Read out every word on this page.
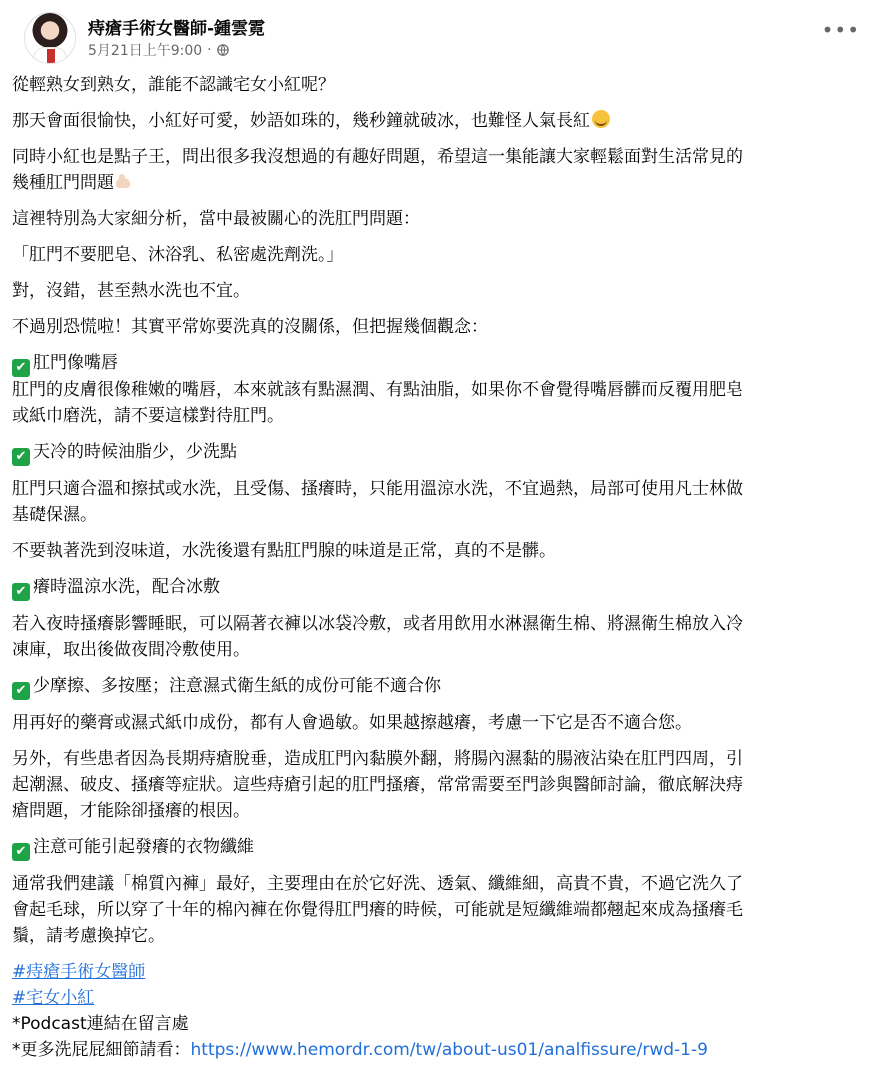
痔瘡手術女醫師-鍾雲霓
5月21日上午9:00 ·
•••
從輕熟女到熟女，誰能不認識宅女小紅呢？
那天會面很愉快，小紅好可愛，妙語如珠的，幾秒鐘就破冰，也難怪人氣長紅
同時小紅也是點子王，問出很多我沒想過的有趣好問題，希望這一集能讓大家輕鬆面對生活常見的
幾種肛門問題
這裡特別為大家細分析，當中最被關心的洗肛門問題：
「肛門不要肥皂、沐浴乳、私密處洗劑洗。」
對，沒錯，甚至熱水洗也不宜。
不過別恐慌啦！其實平常妳要洗真的沒關係，但把握幾個觀念：
✔ 肛門像嘴唇
肛門的皮膚很像稚嫩的嘴唇，本來就該有點濕潤、有點油脂，如果你不會覺得嘴唇髒而反覆用肥皂
或紙巾磨洗，請不要這樣對待肛門。
✔ 天冷的時候油脂少，少洗點
肛門只適合溫和擦拭或水洗，且受傷、搔癢時，只能用溫涼水洗，不宜過熱，局部可使用凡士林做
基礎保濕。
不要執著洗到沒味道，水洗後還有點肛門腺的味道是正常，真的不是髒。
✔ 癢時溫涼水洗，配合冰敷
若入夜時搔癢影響睡眠，可以隔著衣褲以冰袋冷敷，或者用飲用水淋濕衛生棉、將濕衛生棉放入冷
凍庫，取出後做夜間冷敷使用。
✔ 少摩擦、多按壓；注意濕式衛生紙的成份可能不適合你
用再好的藥膏或濕式紙巾成份，都有人會過敏。如果越擦越癢，考慮一下它是否不適合您。
另外，有些患者因為長期痔瘡脫垂，造成肛門內黏膜外翻，將腸內濕黏的腸液沾染在肛門四周，引
起潮濕、破皮、搔癢等症狀。這些痔瘡引起的肛門搔癢，常常需要至門診與醫師討論，徹底解決痔
瘡問題，才能除卻搔癢的根因。
✔ 注意可能引起發癢的衣物纖維
通常我們建議「棉質內褲」最好，主要理由在於它好洗、透氣、纖維細，高貴不貴，不過它洗久了
會起毛球，所以穿了十年的棉內褲在你覺得肛門癢的時候，可能就是短纖維端都翹起來成為搔癢毛
鬚，請考慮換掉它。
#痔瘡手術女醫師
#宅女小紅
*Podcast連結在留言處
*更多洗屁屁細節請看：https://www.hemordr.com/tw/about-us01/analfissure/rwd-1-9
